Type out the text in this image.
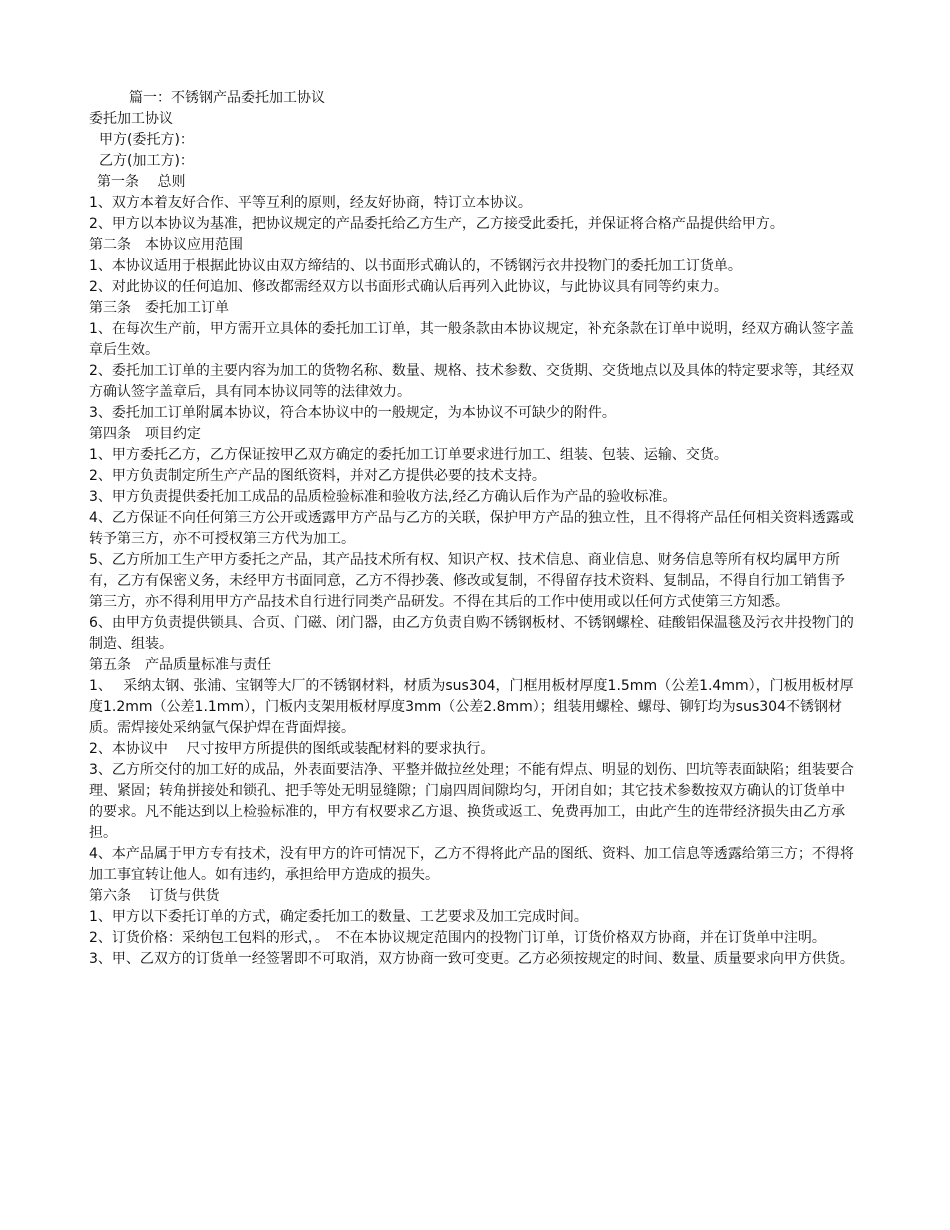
篇一：不锈钢产品委托加工协议

委托加工协议

甲方(委托方)：

乙方(加工方)：

第一条　 总则

1、双方本着友好合作、平等互利的原则，经友好协商，特订立本协议。

2、甲方以本协议为基准，把协议规定的产品委托给乙方生产，乙方接受此委托，并保证将合格产品提供给甲方。

第二条　本协议应用范围

1、本协议适用于根据此协议由双方缔结的、以书面形式确认的，不锈钢污衣井投物门的委托加工订货单。

2、对此协议的任何追加、修改都需经双方以书面形式确认后再列入此协议，与此协议具有同等约束力。

第三条　委托加工订单

1、在每次生产前，甲方需开立具体的委托加工订单，其一般条款由本协议规定，补充条款在订单中说明，经双方确认签字盖章后生效。

2、委托加工订单的主要内容为加工的货物名称、数量、规格、技术参数、交货期、交货地点以及具体的特定要求等，其经双方确认签字盖章后，具有同本协议同等的法律效力。

3、委托加工订单附属本协议，符合本协议中的一般规定，为本协议不可缺少的附件。

第四条　项目约定

1、甲方委托乙方，乙方保证按甲乙双方确定的委托加工订单要求进行加工、组装、包装、运输、交货。

2、甲方负责制定所生产产品的图纸资料，并对乙方提供必要的技术支持。

3、甲方负责提供委托加工成品的品质检验标准和验收方法,经乙方确认后作为产品的验收标准。

4、乙方保证不向任何第三方公开或透露甲方产品与乙方的关联，保护甲方产品的独立性，且不得将产品任何相关资料透露或转予第三方，亦不可授权第三方代为加工。

5、乙方所加工生产甲方委托之产品，其产品技术所有权、知识产权、技术信息、商业信息、财务信息等所有权均属甲方所有，乙方有保密义务，未经甲方书面同意，乙方不得抄袭、修改或复制，不得留存技术资料、复制品，不得自行加工销售予第三方，亦不得利用甲方产品技术自行进行同类产品研发。不得在其后的工作中使用或以任何方式使第三方知悉。

6、由甲方负责提供锁具、合页、门磁、闭门器，由乙方负责自购不锈钢板材、不锈钢螺栓、硅酸铝保温毯及污衣井投物门的制造、组装。

第五条　产品质量标准与责任

1、　 采纳太钢、张浦、宝钢等大厂的不锈钢材料，材质为sus304，门框用板材厚度1.5mm（公差1.4mm），门板用板材厚度1.2mm（公差1.1mm），门板内支架用板材厚度3mm（公差2.8mm）；组装用螺栓、螺母、铆钉均为sus304不锈钢材质。需焊接处采纳氩气保护焊在背面焊接。

2、本协议中　 尺寸按甲方所提供的图纸或装配材料的要求执行。

3、乙方所交付的加工好的成品，外表面要洁净、平整并做拉丝处理；不能有焊点、明显的划伤、凹坑等表面缺陷；组装要合理、紧固；转角拼接处和锁孔、把手等处无明显缝隙；门扇四周间隙均匀，开闭自如；其它技术参数按双方确认的订货单中的要求。凡不能达到以上检验标准的，甲方有权要求乙方退、换货或返工、免费再加工，由此产生的连带经济损失由乙方承担。

4、本产品属于甲方专有技术，没有甲方的许可情况下，乙方不得将此产品的图纸、资料、加工信息等透露给第三方；不得将加工事宜转让他人。如有违约，承担给甲方造成的损失。

第六条　 订货与供货

1、甲方以下委托订单的方式，确定委托加工的数量、工艺要求及加工完成时间。

2、订货价格：采纳包工包料的形式，。　不在本协议规定范围内的投物门订单，订货价格双方协商，并在订货单中注明。

3、甲、乙双方的订货单一经签署即不可取消，双方协商一致可变更。乙方必须按规定的时间、数量、质量要求向甲方供货。
